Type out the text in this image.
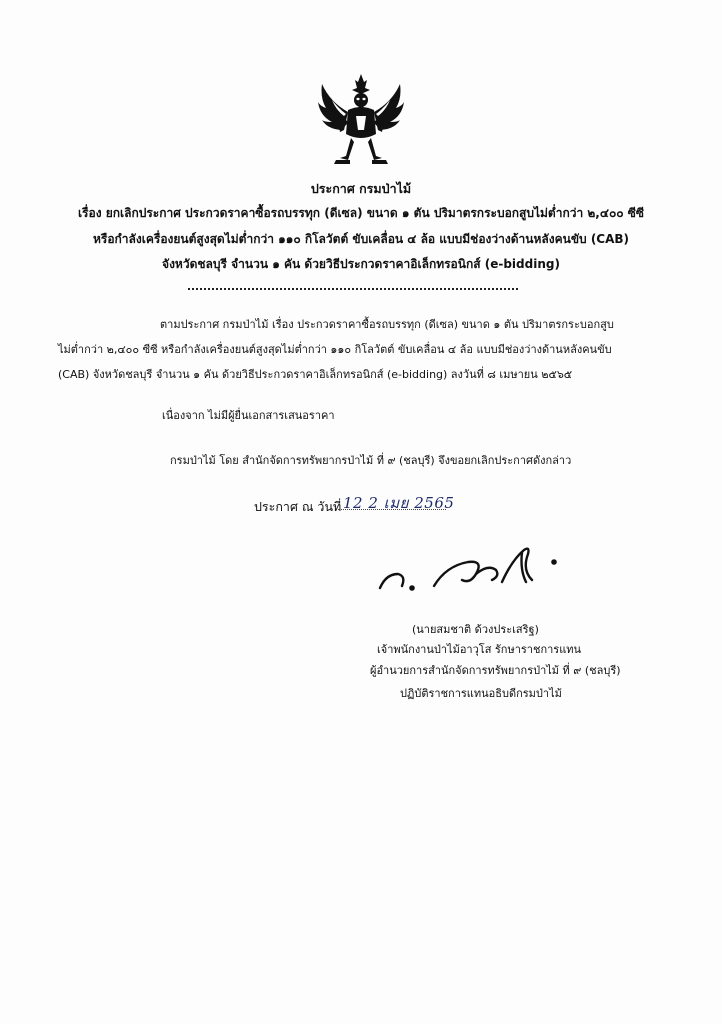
ประกาศ กรมป่าไม้
เรื่อง ยกเลิกประกาศ ประกวดราคาซื้อรถบรรทุก (ดีเซล) ขนาด ๑ ตัน ปริมาตรกระบอกสูบไม่ต่ำกว่า ๒,๔๐๐ ซีซี
หรือกำลังเครื่องยนต์สูงสุดไม่ต่ำกว่า ๑๑๐ กิโลวัตต์ ขับเคลื่อน ๔ ล้อ แบบมีช่องว่างด้านหลังคนขับ (CAB)
จังหวัดชลบุรี จำนวน ๑ คัน ด้วยวิธีประกวดราคาอิเล็กทรอนิกส์ (e-bidding)
ตามประกาศ กรมป่าไม้ เรื่อง ประกวดราคาซื้อรถบรรทุก (ดีเซล) ขนาด ๑ ตัน ปริมาตรกระบอกสูบ
ไม่ต่ำกว่า ๒,๔๐๐ ซีซี หรือกำลังเครื่องยนต์สูงสุดไม่ต่ำกว่า ๑๑๐ กิโลวัตต์ ขับเคลื่อน ๔ ล้อ แบบมีช่องว่างด้านหลังคนขับ
(CAB) จังหวัดชลบุรี จำนวน ๑ คัน ด้วยวิธีประกวดราคาอิเล็กทรอนิกส์ (e-bidding) ลงวันที่ ๘ เมษายน ๒๕๖๕
เนื่องจาก ไม่มีผู้ยื่นเอกสารเสนอราคา
กรมป่าไม้ โดย สำนักจัดการทรัพยากรป่าไม้ ที่ ๙ (ชลบุรี) จึงขอยกเลิกประกาศดังกล่าว
ประกาศ ณ วันที่ 12 2 เมย 2565
(นายสมชาติ ด้วงประเสริฐ)
เจ้าพนักงานป่าไม้อาวุโส รักษาราชการแทน
ผู้อำนวยการสำนักจัดการทรัพยากรป่าไม้ ที่ ๙ (ชลบุรี)
ปฏิบัติราชการแทนอธิบดีกรมป่าไม้
